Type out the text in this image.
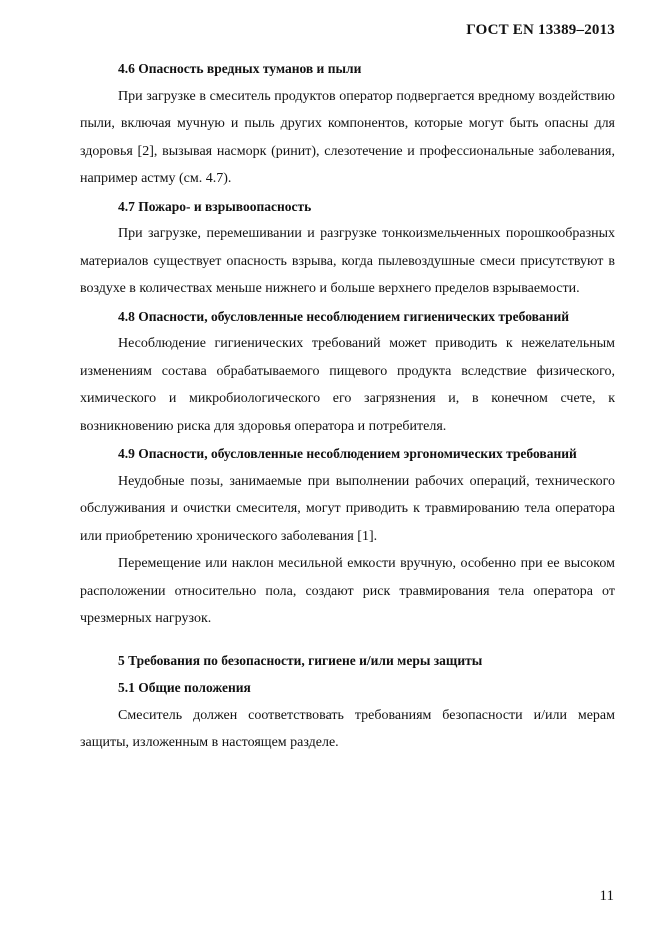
ГОСТ EN 13389–2013

4.6 Опасность вредных туманов и пыли

При загрузке в смеситель продуктов оператор подвергается вредному воздействию пыли, включая мучную и пыль других компонентов, которые могут быть опасны для здоровья [2], вызывая насморк (ринит), слезотечение и профессиональные заболевания, например астму (см. 4.7).

4.7 Пожаро- и взрывоопасность

При загрузке, перемешивании и разгрузке тонкоизмельченных порошкообразных материалов существует опасность взрыва, когда пылевоздушные смеси присутствуют в воздухе в количествах меньше нижнего и больше верхнего пределов взрываемости.

4.8 Опасности, обусловленные несоблюдением гигиенических требований

Несоблюдение гигиенических требований может приводить к нежелательным изменениям состава обрабатываемого пищевого продукта вследствие физического, химического и микробиологического его загрязнения и, в конечном счете, к возникновению риска для здоровья оператора и потребителя.

4.9 Опасности, обусловленные несоблюдением эргономических требований

Неудобные позы, занимаемые при выполнении рабочих операций, технического обслуживания и очистки смесителя, могут приводить к травмированию тела оператора или приобретению хронического заболевания [1].

Перемещение или наклон месильной емкости вручную, особенно при ее высоком расположении относительно пола, создают риск травмирования тела оператора от чрезмерных нагрузок.

5 Требования по безопасности, гигиене и/или меры защиты

5.1 Общие положения

Смеситель должен соответствовать требованиям безопасности и/или мерам защиты, изложенным в настоящем разделе.

11
